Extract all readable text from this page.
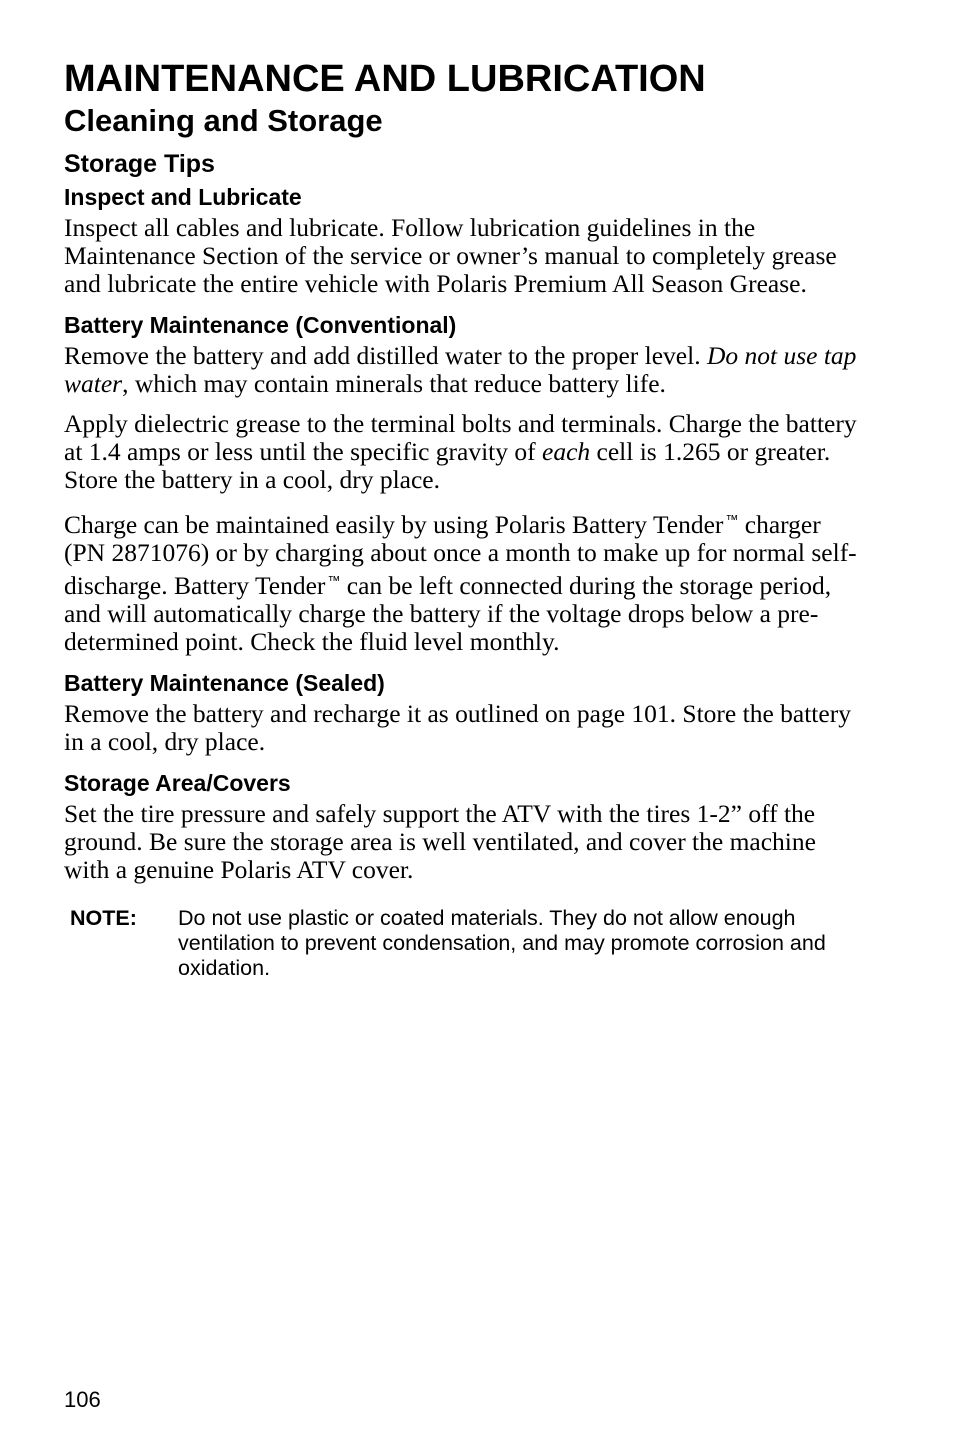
MAINTENANCE AND LUBRICATION
Cleaning and Storage
Storage Tips
Inspect and Lubricate

Inspect all cables and lubricate. Follow lubrication guidelines in the Maintenance Section of the service or owner’s manual to completely grease and lubricate the entire vehicle with Polaris Premium All Season Grease.

Battery Maintenance (Conventional)

Remove the battery and add distilled water to the proper level. Do not use tap water, which may contain minerals that reduce battery life.

Apply dielectric grease to the terminal bolts and terminals. Charge the battery at 1.4 amps or less until the specific gravity of each cell is 1.265 or greater. Store the battery in a cool, dry place.

Charge can be maintained easily by using Polaris Battery Tender ™ charger (PN 2871076) or by charging about once a month to make up for normal self-discharge. Battery Tender ™ can be left connected during the storage period, and will automatically charge the battery if the voltage drops below a pre-determined point. Check the fluid level monthly.

Battery Maintenance (Sealed)

Remove the battery and recharge it as outlined on page 101. Store the battery in a cool, dry place.

Storage Area/Covers

Set the tire pressure and safely support the ATV with the tires 1-2” off the ground. Be sure the storage area is well ventilated, and cover the machine with a genuine Polaris ATV cover.

NOTE: Do not use plastic or coated materials. They do not allow enough ventilation to prevent condensation, and may promote corrosion and oxidation.
106
